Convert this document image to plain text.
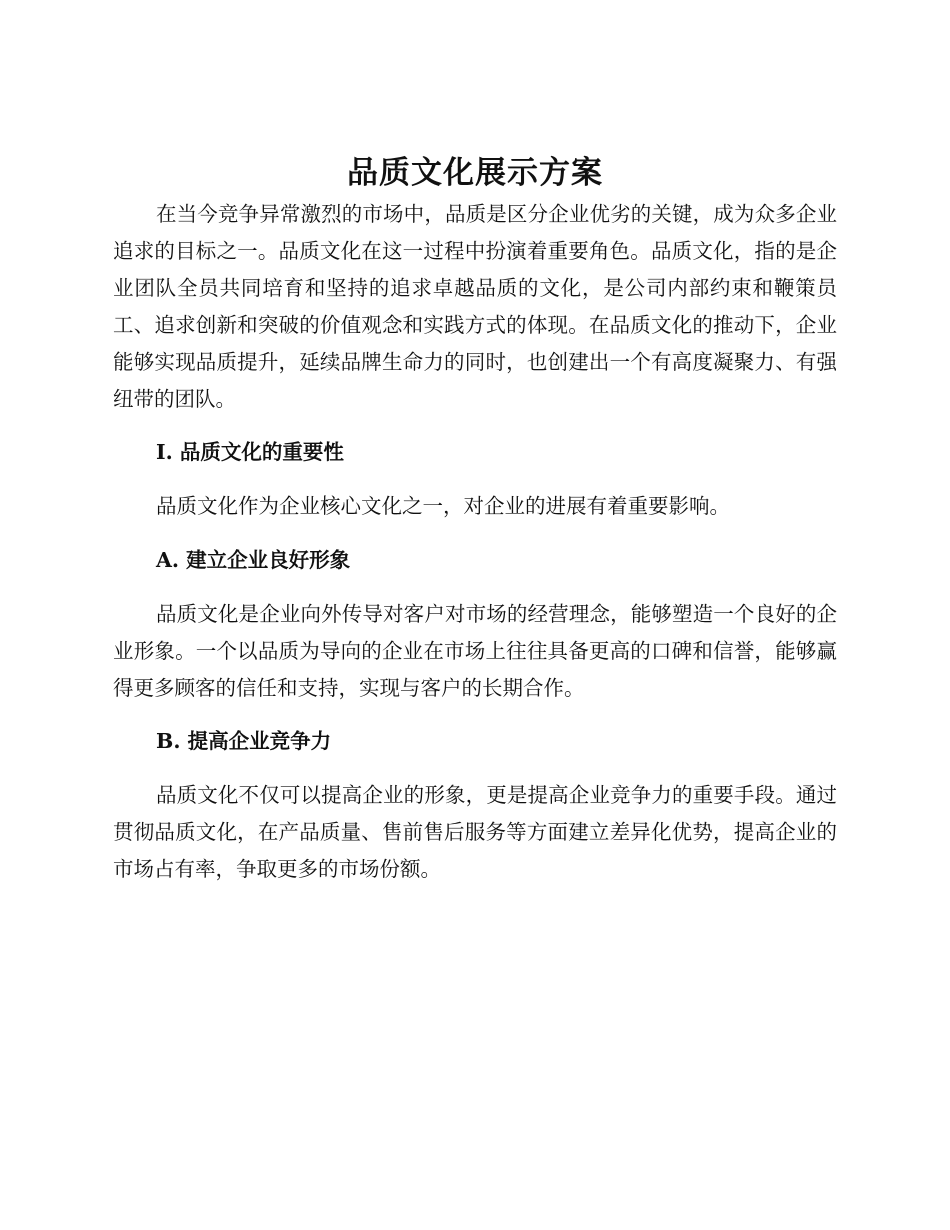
品质文化展示方案

在当今竞争异常激烈的市场中，品质是区分企业优劣的关键，成为众多企业追求的目标之一。品质文化在这一过程中扮演着重要角色。品质文化，指的是企业团队全员共同培育和坚持的追求卓越品质的文化，是公司内部约束和鞭策员工、追求创新和突破的价值观念和实践方式的体现。在品质文化的推动下，企业能够实现品质提升，延续品牌生命力的同时，也创建出一个有高度凝聚力、有强纽带的团队。

I. 品质文化的重要性

品质文化作为企业核心文化之一，对企业的进展有着重要影响。

A. 建立企业良好形象

品质文化是企业向外传导对客户对市场的经营理念，能够塑造一个良好的企业形象。一个以品质为导向的企业在市场上往往具备更高的口碑和信誉，能够赢得更多顾客的信任和支持，实现与客户的长期合作。

B. 提高企业竞争力

品质文化不仅可以提高企业的形象，更是提高企业竞争力的重要手段。通过贯彻品质文化，在产品质量、售前售后服务等方面建立差异化优势，提高企业的市场占有率，争取更多的市场份额。
